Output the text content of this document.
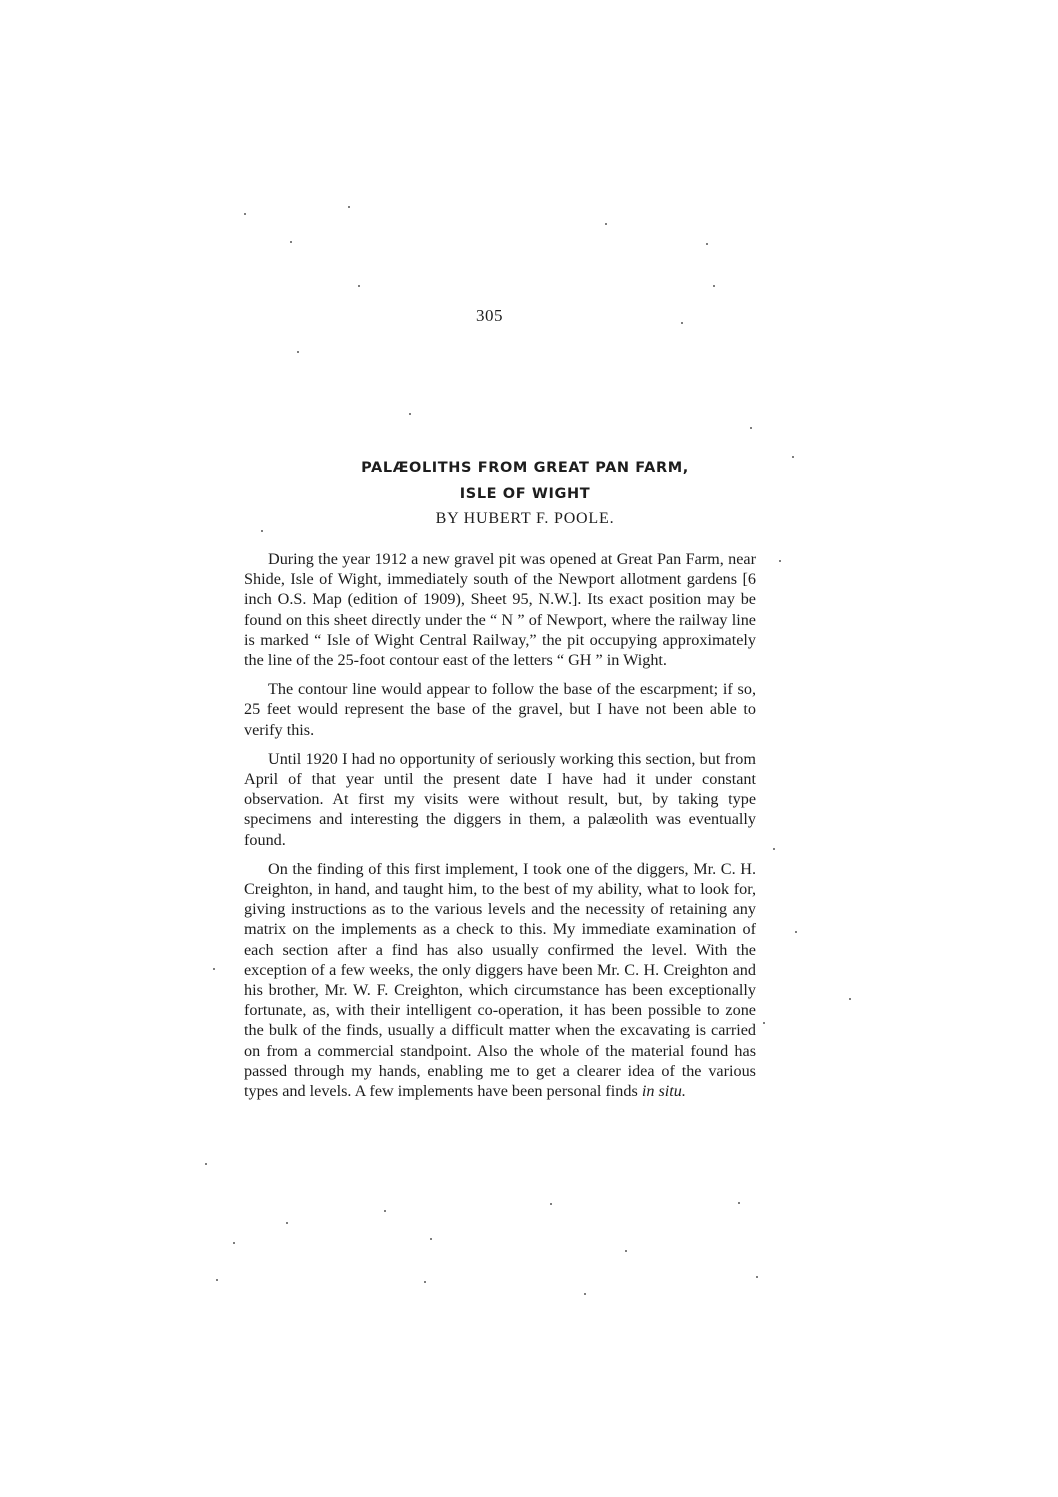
305
PALÆOLITHS FROM GREAT PAN FARM,
ISLE OF WIGHT
BY HUBERT F. POOLE.

During the year 1912 a new gravel pit was opened at Great Pan Farm, near Shide, Isle of Wight, immediately south of the Newport allotment gardens [6 inch O.S. Map (edition of 1909), Sheet 95, N.W.]. Its exact position may be found on this sheet directly under the “ N ” of Newport, where the railway line is marked “ Isle of Wight Central Railway,” the pit occupying approximately the line of the 25-foot contour east of the letters “ GH ” in Wight.

The contour line would appear to follow the base of the escarpment; if so, 25 feet would represent the base of the gravel, but I have not been able to verify this.

Until 1920 I had no opportunity of seriously working this section, but from April of that year until the present date I have had it under constant observation. At first my visits were without result, but, by taking type specimens and interesting the diggers in them, a palæolith was eventually found.

On the finding of this first implement, I took one of the diggers, Mr. C. H. Creighton, in hand, and taught him, to the best of my ability, what to look for, giving instructions as to the various levels and the necessity of retaining any matrix on the implements as a check to this. My immediate examination of each section after a find has also usually confirmed the level. With the exception of a few weeks, the only diggers have been Mr. C. H. Creighton and his brother, Mr. W. F. Creighton, which circumstance has been exceptionally fortunate, as, with their intelligent co-operation, it has been possible to zone the bulk of the finds, usually a difficult matter when the excavating is carried on from a commercial standpoint. Also the whole of the material found has passed through my hands, enabling me to get a clearer idea of the various types and levels. A few implements have been personal finds in situ.
